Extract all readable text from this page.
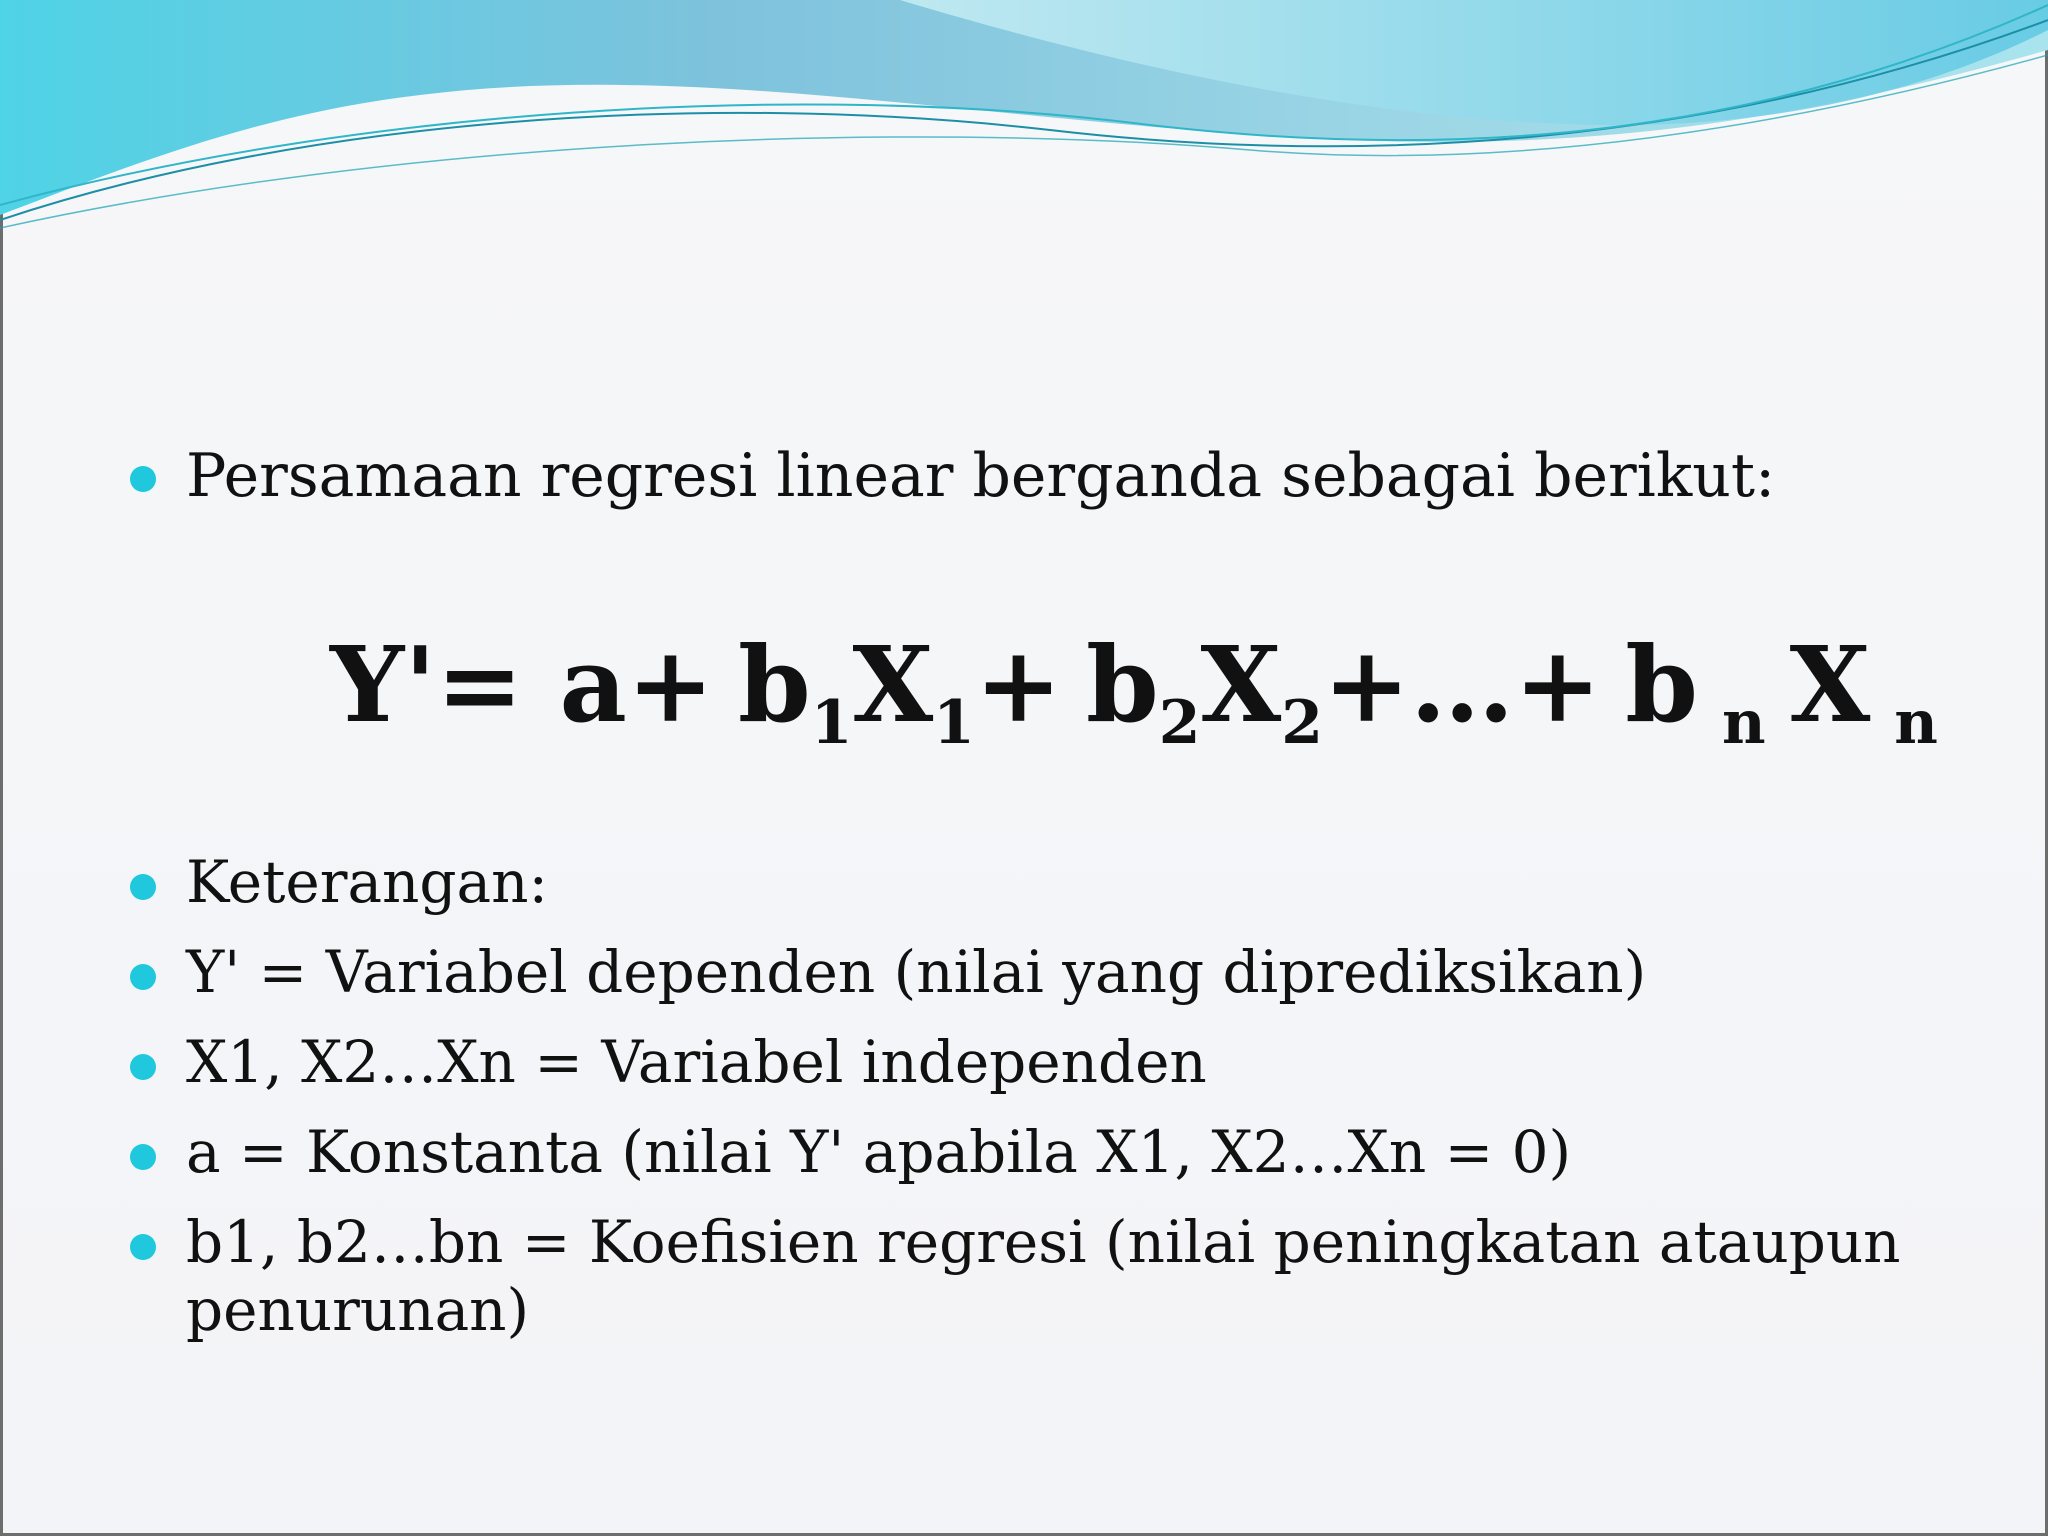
Persamaan regresi linear berganda sebagai berikut:
$Y'= a+ b_1X_1+$ $b_2X_2+\dots+ b$ $_n$ X $_n$
Keterangan:
Y' = Variabel dependen (nilai yang diprediksikan)
X1, X2…Xn = Variabel independen
a = Konstanta (nilai Y' apabila X1, X2…Xn = 0)
b1, b2…bn = Koefisien regresi (nilai peningkatan ataupun penurunan)
